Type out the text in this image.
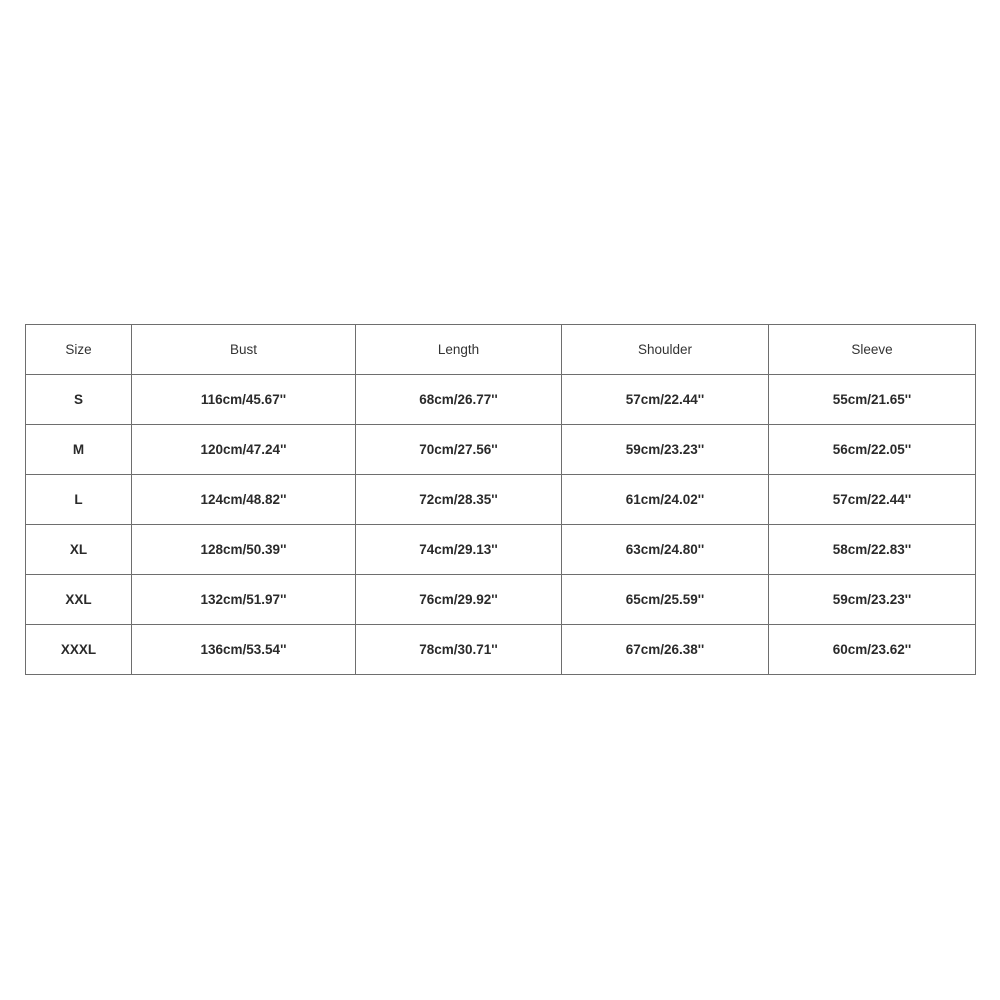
Size	Bust	Length	Shoulder	Sleeve
S	116cm/45.67''	68cm/26.77''	57cm/22.44''	55cm/21.65''
M	120cm/47.24''	70cm/27.56''	59cm/23.23''	56cm/22.05''
L	124cm/48.82''	72cm/28.35''	61cm/24.02''	57cm/22.44''
XL	128cm/50.39''	74cm/29.13''	63cm/24.80''	58cm/22.83''
XXL	132cm/51.97''	76cm/29.92''	65cm/25.59''	59cm/23.23''
XXXL	136cm/53.54''	78cm/30.71''	67cm/26.38''	60cm/23.62''
